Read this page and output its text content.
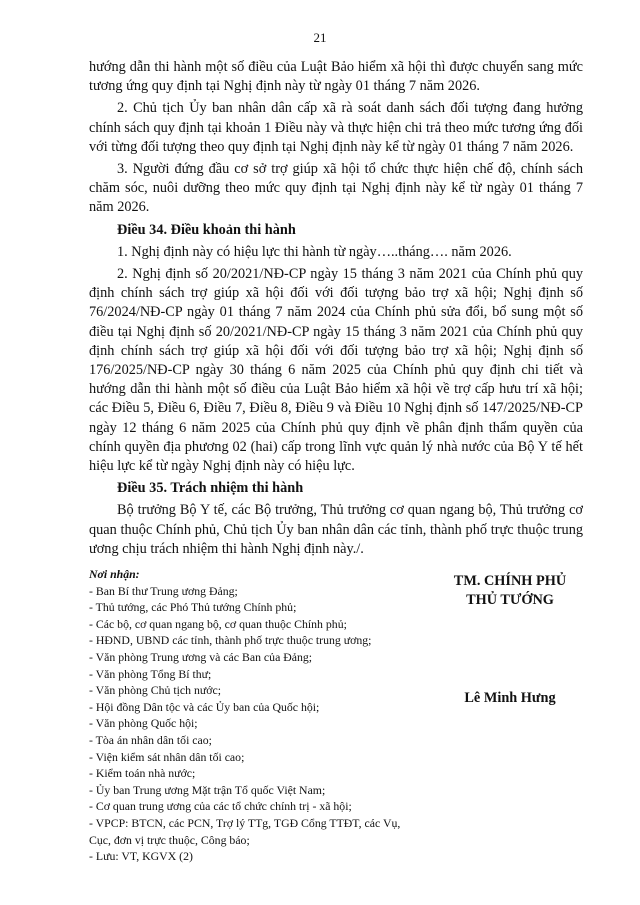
21

hướng dẫn thi hành một số điều của Luật Bảo hiểm xã hội thì được chuyển sang mức tương ứng quy định tại Nghị định này từ ngày 01 tháng 7 năm 2026.

2. Chủ tịch Ủy ban nhân dân cấp xã rà soát danh sách đối tượng đang hưởng chính sách quy định tại khoản 1 Điều này và thực hiện chi trả theo mức tương ứng đối với từng đối tượng theo quy định tại Nghị định này kể từ ngày 01 tháng 7 năm 2026.

3. Người đứng đầu cơ sở trợ giúp xã hội tổ chức thực hiện chế độ, chính sách chăm sóc, nuôi dưỡng theo mức quy định tại Nghị định này kể từ ngày 01 tháng 7 năm 2026.

Điều 34. Điều khoản thi hành

1. Nghị định này có hiệu lực thi hành từ ngày…..tháng…. năm 2026.

2. Nghị định số 20/2021/NĐ-CP ngày 15 tháng 3 năm 2021 của Chính phủ quy định chính sách trợ giúp xã hội đối với đối tượng bảo trợ xã hội; Nghị định số 76/2024/NĐ-CP ngày 01 tháng 7 năm 2024 của Chính phủ sửa đổi, bổ sung một số điều tại Nghị định số 20/2021/NĐ-CP ngày 15 tháng 3 năm 2021 của Chính phủ quy định chính sách trợ giúp xã hội đối với đối tượng bảo trợ xã hội; Nghị định số 176/2025/NĐ-CP ngày 30 tháng 6 năm 2025 của Chính phủ quy định chi tiết và hướng dẫn thi hành một số điều của Luật Bảo hiểm xã hội về trợ cấp hưu trí xã hội; các Điều 5, Điều 6, Điều 7, Điều 8, Điều 9 và Điều 10 Nghị định số 147/2025/NĐ-CP ngày 12 tháng 6 năm 2025 của Chính phủ quy định về phân định thẩm quyền của chính quyền địa phương 02 (hai) cấp trong lĩnh vực quản lý nhà nước của Bộ Y tế hết hiệu lực kể từ ngày Nghị định này có hiệu lực.

Điều 35. Trách nhiệm thi hành

Bộ trưởng Bộ Y tế, các Bộ trưởng, Thủ trưởng cơ quan ngang bộ, Thủ trưởng cơ quan thuộc Chính phủ, Chủ tịch Ủy ban nhân dân các tỉnh, thành phố trực thuộc trung ương chịu trách nhiệm thi hành Nghị định này./.

Nơi nhận:
- Ban Bí thư Trung ương Đảng;
- Thủ tướng, các Phó Thủ tướng Chính phủ;
- Các bộ, cơ quan ngang bộ, cơ quan thuộc Chính phủ;
- HĐND, UBND các tỉnh, thành phố trực thuộc trung ương;
- Văn phòng Trung ương và các Ban của Đảng;
- Văn phòng Tổng Bí thư;
- Văn phòng Chủ tịch nước;
- Hội đồng Dân tộc và các Ủy ban của Quốc hội;
- Văn phòng Quốc hội;
- Tòa án nhân dân tối cao;
- Viện kiểm sát nhân dân tối cao;
- Kiểm toán nhà nước;
- Ủy ban Trung ương Mặt trận Tổ quốc Việt Nam;
- Cơ quan trung ương của các tổ chức chính trị - xã hội;
- VPCP: BTCN, các PCN, Trợ lý TTg, TGĐ Cổng TTĐT, các Vụ, Cục, đơn vị trực thuộc, Công báo;
- Lưu: VT, KGVX (2)
TM. CHÍNH PHỦ
THỦ TƯỚNG
Lê Minh Hưng
